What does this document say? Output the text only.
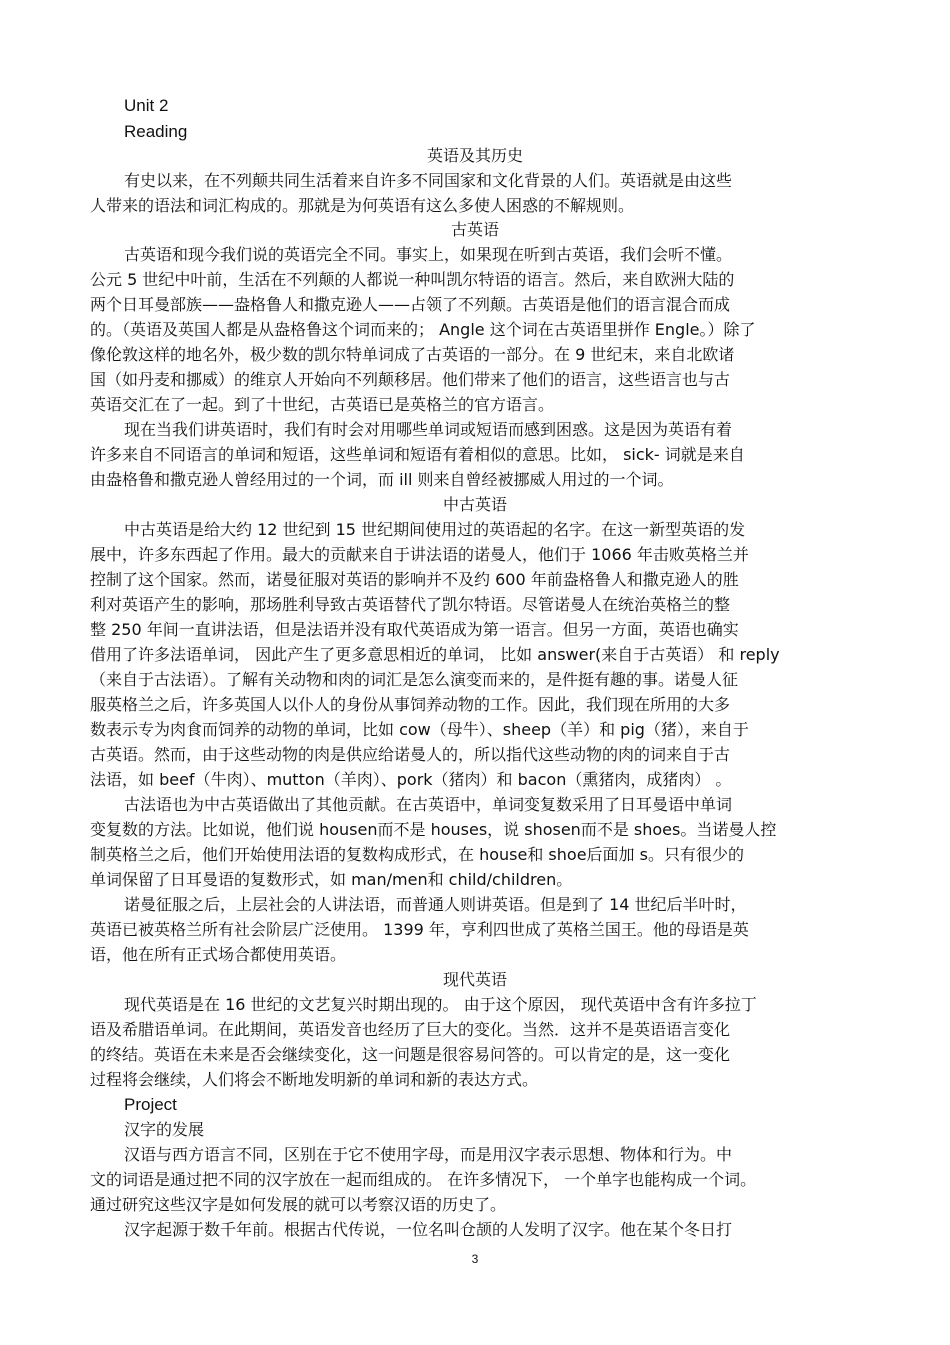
Unit 2
Reading
英语及其历史
有史以来，在不列颠共同生活着来自许多不同国家和文化背景的人们。英语就是由这些
人带来的语法和词汇构成的。那就是为何英语有这么多使人困惑的不解规则。
古英语
古英语和现今我们说的英语完全不同。事实上，如果现在听到古英语，我们会听不懂。
公元 5 世纪中叶前，生活在不列颠的人都说一种叫凯尔特语的语言。然后，来自欧洲大陆的
两个日耳曼部族——盎格鲁人和撒克逊人——占领了不列颠。古英语是他们的语言混合而成
的。（英语及英国人都是从盎格鲁这个词而来的； Angle 这个词在古英语里拼作 Engle。）除了
像伦敦这样的地名外，极少数的凯尔特单词成了古英语的一部分。在 9 世纪末，来自北欧诸
国（如丹麦和挪威）的维京人开始向不列颠移居。他们带来了他们的语言，这些语言也与古
英语交汇在了一起。到了十世纪，古英语已是英格兰的官方语言。
现在当我们讲英语时，我们有时会对用哪些单词或短语而感到困惑。这是因为英语有着
许多来自不同语言的单词和短语，这些单词和短语有着相似的意思。比如， sick- 词就是来自
由盎格鲁和撒克逊人曾经用过的一个词，而 ill 则来自曾经被挪威人用过的一个词。
中古英语
中古英语是给大约 12 世纪到 15 世纪期间使用过的英语起的名字。在这一新型英语的发
展中，许多东西起了作用。最大的贡献来自于讲法语的诺曼人，他们于 1066 年击败英格兰并
控制了这个国家。然而，诺曼征服对英语的影响并不及约 600 年前盎格鲁人和撒克逊人的胜
利对英语产生的影响，那场胜利导致古英语替代了凯尔特语。尽管诺曼人在统治英格兰的整
整 250 年间一直讲法语，但是法语并没有取代英语成为第一语言。但另一方面，英语也确实
借用了许多法语单词， 因此产生了更多意思相近的单词， 比如 answer(来自于古英语） 和 reply
（来自于古法语）。了解有关动物和肉的词汇是怎么演变而来的，是件挺有趣的事。诺曼人征
服英格兰之后，许多英国人以仆人的身份从事饲养动物的工作。因此，我们现在所用的大多
数表示专为肉食而饲养的动物的单词，比如 cow（母牛）、sheep（羊）和 pig（猪），来自于
古英语。然而，由于这些动物的肉是供应给诺曼人的，所以指代这些动物的肉的词来自于古
法语，如 beef（牛肉）、mutton（羊肉）、pork（猪肉）和 bacon（熏猪肉，成猪肉） 。
古法语也为中古英语做出了其他贡献。在古英语中，单词变复数采用了日耳曼语中单词
变复数的方法。比如说，他们说 housen而不是 houses，说 shosen而不是 shoes。当诺曼人控
制英格兰之后，他们开始使用法语的复数构成形式，在 house和 shoe后面加 s。只有很少的
单词保留了日耳曼语的复数形式，如 man/men和 child/children。
诺曼征服之后，上层社会的人讲法语，而普通人则讲英语。但是到了 14 世纪后半叶时，
英语已被英格兰所有社会阶层广泛使用。 1399 年，亨利四世成了英格兰国王。他的母语是英
语，他在所有正式场合都使用英语。
现代英语
现代英语是在 16 世纪的文艺复兴时期出现的。 由于这个原因， 现代英语中含有许多拉丁
语及希腊语单词。在此期间，英语发音也经历了巨大的变化。当然．这并不是英语语言变化
的终结。英语在未来是否会继续变化，这一问题是很容易问答的。可以肯定的是，这一变化
过程将会继续，人们将会不断地发明新的单词和新的表达方式。
Project
汉字的发展
汉语与西方语言不同，区别在于它不使用字母，而是用汉字表示思想、物体和行为。中
文的词语是通过把不同的汉字放在一起而组成的。 在许多情况下， 一个单字也能构成一个词。
通过研究这些汉字是如何发展的就可以考察汉语的历史了。
汉字起源于数千年前。根据古代传说，一位名叫仓颉的人发明了汉字。他在某个冬日打
3
